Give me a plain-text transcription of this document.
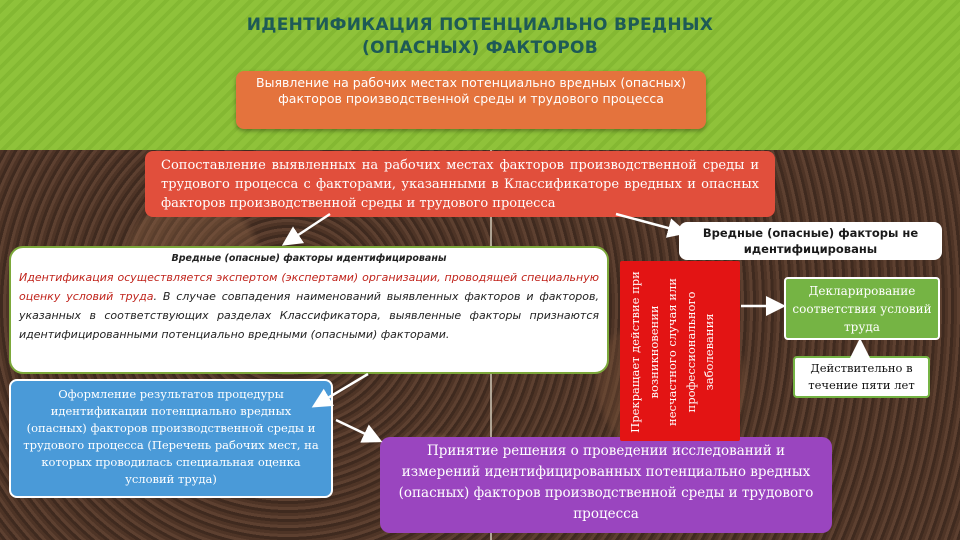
ИДЕНТИФИКАЦИЯ ПОТЕНЦИАЛЬНО ВРЕДНЫХ
(ОПАСНЫХ) ФАКТОРОВ
Выявление на рабочих местах потенциально вредных (опасных) факторов производственной среды и трудового процесса
Сопоставление выявленных на рабочих местах факторов производственной среды и трудового процесса с факторами, указанными в Классификаторе вредных и опасных факторов производственной среды и трудового процесса
Вредные (опасные) факторы идентифицированы
Идентификация осуществляется экспертом (экспертами) организации, проводящей специальную оценку условий труда. В случае совпадения наименований выявленных факторов и факторов, указанных в соответствующих разделах Классификатора, выявленные факторы признаются идентифицированными потенциально вредными (опасными) факторами.
Оформление результатов процедуры идентификации потенциально вредных (опасных) факторов производственной среды и трудового процесса (Перечень рабочих мест, на которых проводилась специальная оценка условий труда)
Принятие решения о проведении исследований и измерений идентифицированных потенциально вредных (опасных) факторов производственной среды и трудового процесса
Вредные (опасные) факторы не идентифицированы
Прекращает действие при возникновении несчастного случая или профессионального заболевания
Декларирование соответствия условий труда
Действительно в течение пяти лет
